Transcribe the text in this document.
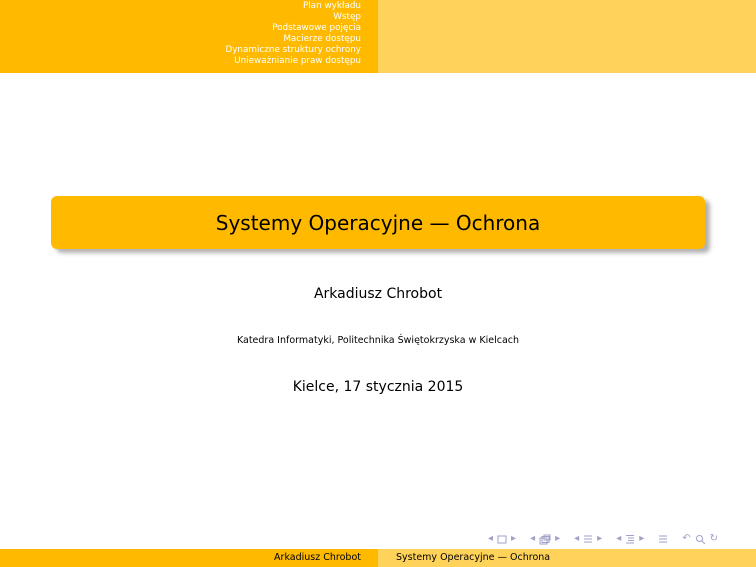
Plan wykładu
Wstęp
Podstawowe pojęcia
Macierze dostępu
Dynamiczne struktury ochrony
Unieważnianie praw dostępu
Systemy Operacyjne — Ochrona
Arkadiusz Chrobot
Katedra Informatyki, Politechnika Świętokrzyska w Kielcach
Kielce, 17 stycznia 2015
◂ ▸ ◂ ▸ ◂ ▸ ◂ ▸	↶ ↻
Arkadiusz Chrobot	Systemy Operacyjne — Ochrona
